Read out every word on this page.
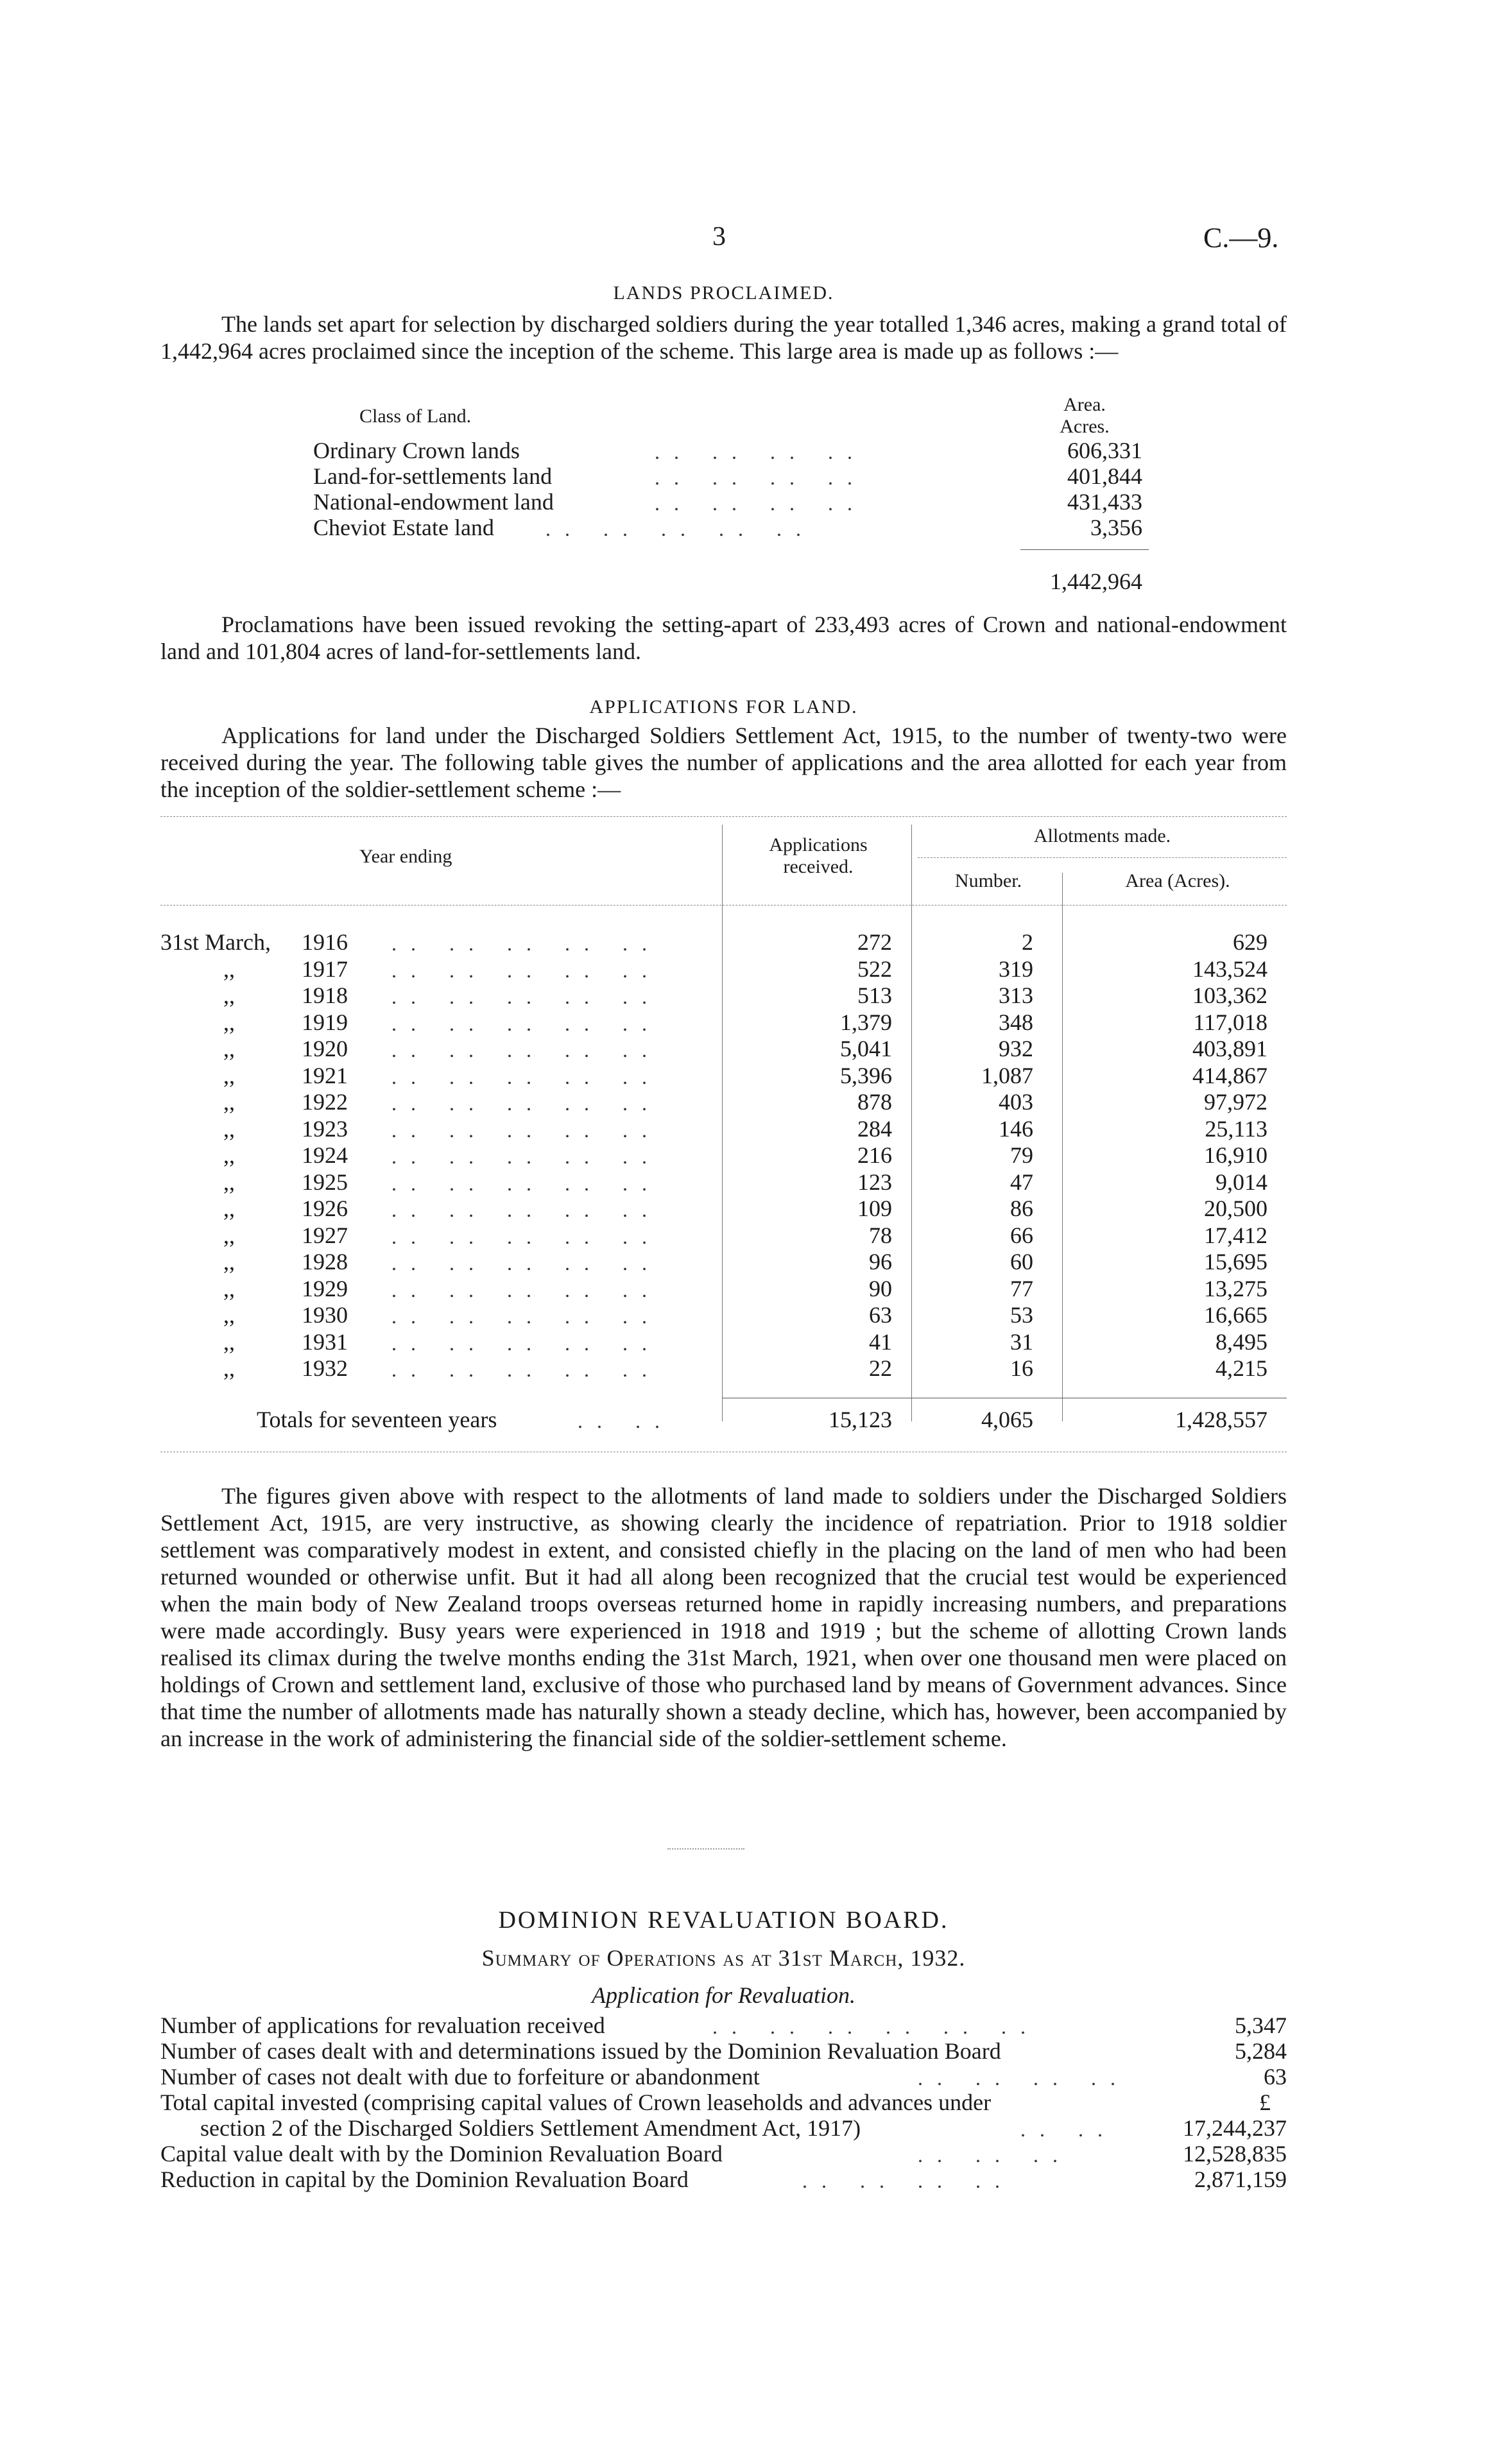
3	C.—9.
LANDS PROCLAIMED.
The lands set apart for selection by discharged soldiers during the year totalled 1,346 acres, making a grand total of 1,442,964 acres proclaimed since the inception of the scheme. This large area is made up as follows :—
Class of Land.
Area.
Acres.
Ordinary Crown lands	.. .. .. ..	606,331
Land-for-settlements land	.. .. .. ..	401,844
National-endowment land	.. .. .. ..	431,433
Cheviot Estate land	.. .. .. .. ..	3,356
1,442,964
Proclamations have been issued revoking the setting-apart of 233,493 acres of Crown and national-endowment land and 101,804 acres of land-for-settlements land.
APPLICATIONS FOR LAND.
Applications for land under the Discharged Soldiers Settlement Act, 1915, to the number of twenty-two were received during the year. The following table gives the number of applications and the area allotted for each year from the inception of the soldier-settlement scheme :—
Year ending
Applications received.
Allotments made.
Number.	Area (Acres).
31st March, 1916 .. .. .. .. ..	272	2	629
,,	1917 .. .. .. .. ..	522	319	143,524
,,	1918 .. .. .. .. ..	513	313	103,362
,,	1919 .. .. .. .. ..	1,379	348	117,018
,,	1920 .. .. .. .. ..	5,041	932	403,891
,,	1921 .. .. .. .. ..	5,396	1,087	414,867
,,	1922 .. .. .. .. ..	878	403	97,972
,,	1923 .. .. .. .. ..	284	146	25,113
,,	1924 .. .. .. .. ..	216	79	16,910
,,	1925 .. .. .. .. ..	123	47	9,014
,,	1926 .. .. .. .. ..	109	86	20,500
,,	1927 .. .. .. .. ..	78	66	17,412
,,	1928 .. .. .. .. ..	96	60	15,695
,,	1929 .. .. .. .. ..	90	77	13,275
,,	1930 .. .. .. .. ..	63	53	16,665
,,	1931 .. .. .. .. ..	41	31	8,495
,,	1932 .. .. .. .. ..	22	16	4,215
Totals for seventeen years	.. ..	15,123	4,065	1,428,557
The figures given above with respect to the allotments of land made to soldiers under the Discharged Soldiers Settlement Act, 1915, are very instructive, as showing clearly the incidence of repatriation. Prior to 1918 soldier settlement was comparatively modest in extent, and consisted chiefly in the placing on the land of men who had been returned wounded or otherwise unfit. But it had all along been recognized that the crucial test would be experienced when the main body of New Zealand troops overseas returned home in rapidly increasing numbers, and preparations were made accordingly. Busy years were experienced in 1918 and 1919 ; but the scheme of allotting Crown lands realised its climax during the twelve months ending the 31st March, 1921, when over one thousand men were placed on holdings of Crown and settlement land, exclusive of those who purchased land by means of Government advances. Since that time the number of allotments made has naturally shown a steady decline, which has, however, been accompanied by an increase in the work of administering the financial side of the soldier-settlement scheme.
DOMINION REVALUATION BOARD.
Summary of Operations as at 31st March, 1932.
Application for Revaluation.
Number of applications for revaluation received	.. .. .. .. .. ..	5,347
Number of cases dealt with and determinations issued by the Dominion Revaluation Board	5,284
Number of cases not dealt with due to forfeiture or abandonment	.. .. .. ..	63
Total capital invested (comprising capital values of Crown leaseholds and advances under	£
section 2 of the Discharged Soldiers Settlement Amendment Act, 1917)	.. ..	17,244,237
Capital value dealt with by the Dominion Revaluation Board	.. .. ..	12,528,835
Reduction in capital by the Dominion Revaluation Board	.. .. .. ..	2,871,159
